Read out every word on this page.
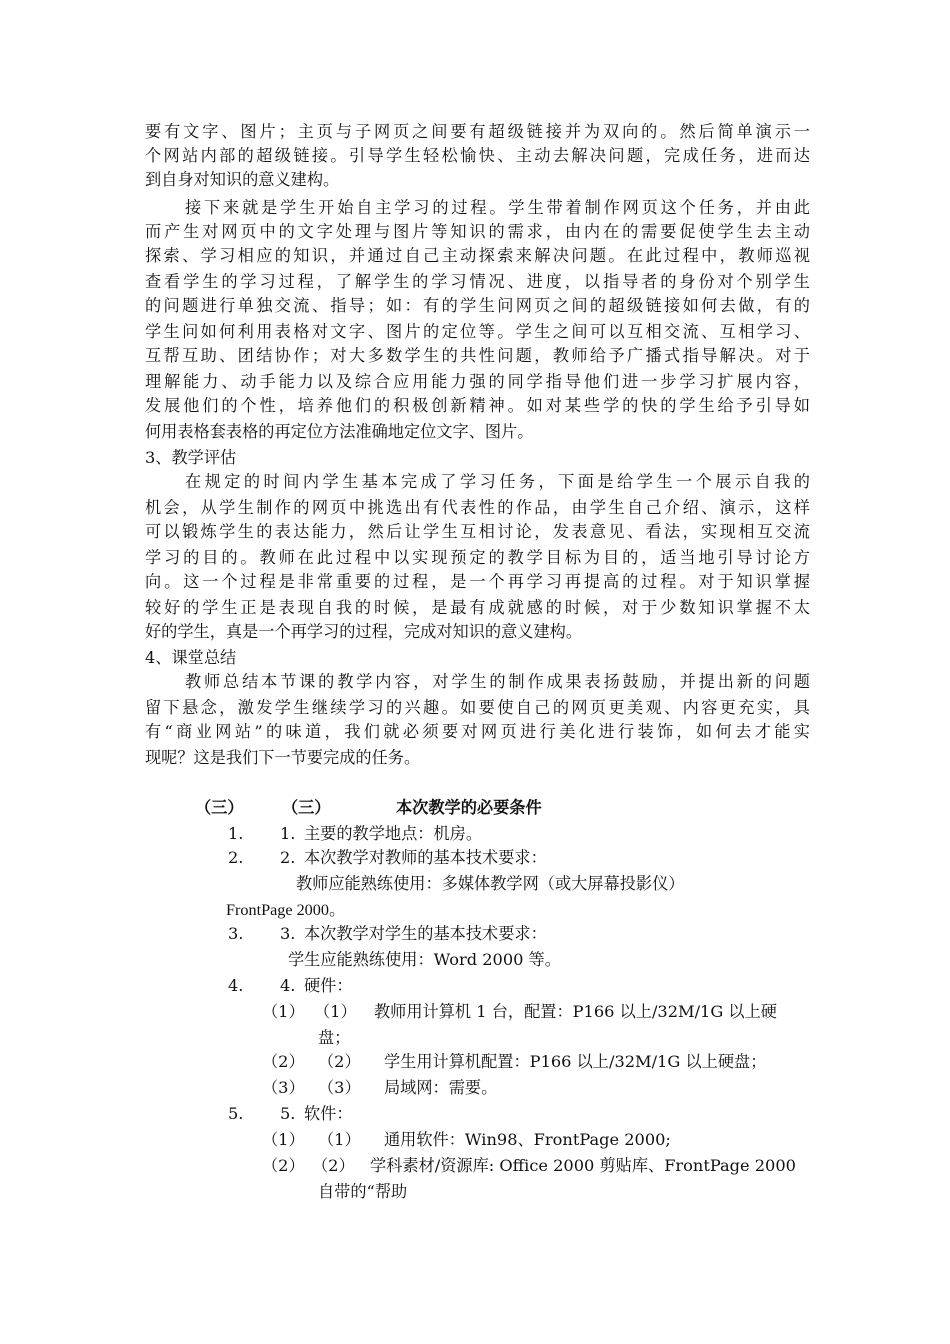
要有文字、图片；主页与子网页之间要有超级链接并为双向的。然后简单演示一
个网站内部的超级链接。引导学生轻松愉快、主动去解决问题，完成任务，进而达
到自身对知识的意义建构。
接下来就是学生开始自主学习的过程。学生带着制作网页这个任务，并由此
而产生对网页中的文字处理与图片等知识的需求，由内在的需要促使学生去主动
探索、学习相应的知识，并通过自己主动探索来解决问题。在此过程中，教师巡视
查看学生的学习过程，了解学生的学习情况、进度，以指导者的身份对个别学生
的问题进行单独交流、指导；如：有的学生问网页之间的超级链接如何去做，有的
学生问如何利用表格对文字、图片的定位等。学生之间可以互相交流、互相学习、
互帮互助、团结协作；对大多数学生的共性问题，教师给予广播式指导解决。对于
理解能力、动手能力以及综合应用能力强的同学指导他们进一步学习扩展内容，
发展他们的个性，培养他们的积极创新精神。如对某些学的快的学生给予引导如
何用表格套表格的再定位方法准确地定位文字、图片。
3、教学评估
在规定的时间内学生基本完成了学习任务，下面是给学生一个展示自我的
机会，从学生制作的网页中挑选出有代表性的作品，由学生自己介绍、演示，这样
可以锻炼学生的表达能力，然后让学生互相讨论，发表意见、看法，实现相互交流
学习的目的。教师在此过程中以实现预定的教学目标为目的，适当地引导讨论方
向。这一个过程是非常重要的过程，是一个再学习再提高的过程。对于知识掌握
较好的学生正是表现自我的时候，是最有成就感的时候，对于少数知识掌握不太
好的学生，真是一个再学习的过程，完成对知识的意义建构。
4、课堂总结
教师总结本节课的教学内容，对学生的制作成果表扬鼓励，并提出新的问题
留下悬念，激发学生继续学习的兴趣。如要使自己的网页更美观、内容更充实，具
有“商业网站”的味道，我们就必须要对网页进行美化进行装饰，如何去才能实
现呢？这是我们下一节要完成的任务。
（三） （三）	本次教学的必要条件
1. 1. 主要的教学地点：机房。
2. 2. 本次教学对教师的基本技术要求：
教师应能熟练使用：多媒体教学网（或大屏幕投影仪）
FrontPage 2000。
3. 3. 本次教学对学生的基本技术要求：
学生应能熟练使用：Word 2000 等。
4. 4. 硬件：
（1） （1） 教师用计算机 1 台，配置：P166 以上/32M/1G 以上硬
盘；
（2） （2） 学生用计算机配置：P166 以上/32M/1G 以上硬盘；
（3） （3） 局域网：需要。
5. 5. 软件：
（1） （1） 通用软件：Win98、FrontPage 2000;
（2） （2） 学科素材/资源库: Office 2000 剪贴库、FrontPage 2000
自带的“帮助
